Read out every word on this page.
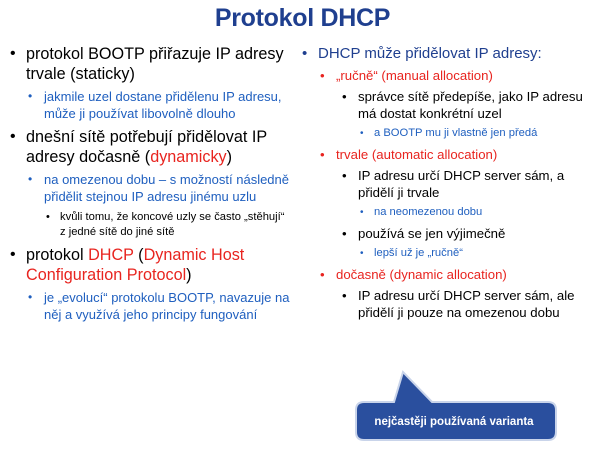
Protokol DHCP
• protokol BOOTP přiřazuje IP adresy trvale (staticky)
• jakmile uzel dostane přidělenu IP adresu, může ji používat libovolně dlouho
• dnešní sítě potřebují přidělovat IP adresy dočasně (dynamicky)
• na omezenou dobu – s možností následně přidělit stejnou IP adresu jinému uzlu
• kvůli tomu, že koncové uzly se často „stěhují“ z jedné sítě do jiné sítě
• protokol DHCP (Dynamic Host Configuration Protocol)
• je „evolucí“ protokolu BOOTP, navazuje na něj a využívá jeho principy fungování
• DHCP může přidělovat IP adresy:
• „ručně“ (manual allocation)
• správce sítě předepíše, jako IP adresu má dostat konkrétní uzel
• a BOOTP mu ji vlastně jen předá
• trvale (automatic allocation)
• IP adresu určí DHCP server sám, a přidělí ji trvale
• na neomezenou dobu
• používá se jen výjimečně
• lepší už je „ručně“
• dočasně (dynamic allocation)
• IP adresu určí DHCP server sám, ale přidělí ji pouze na omezenou dobu
nejčastěji používaná varianta
